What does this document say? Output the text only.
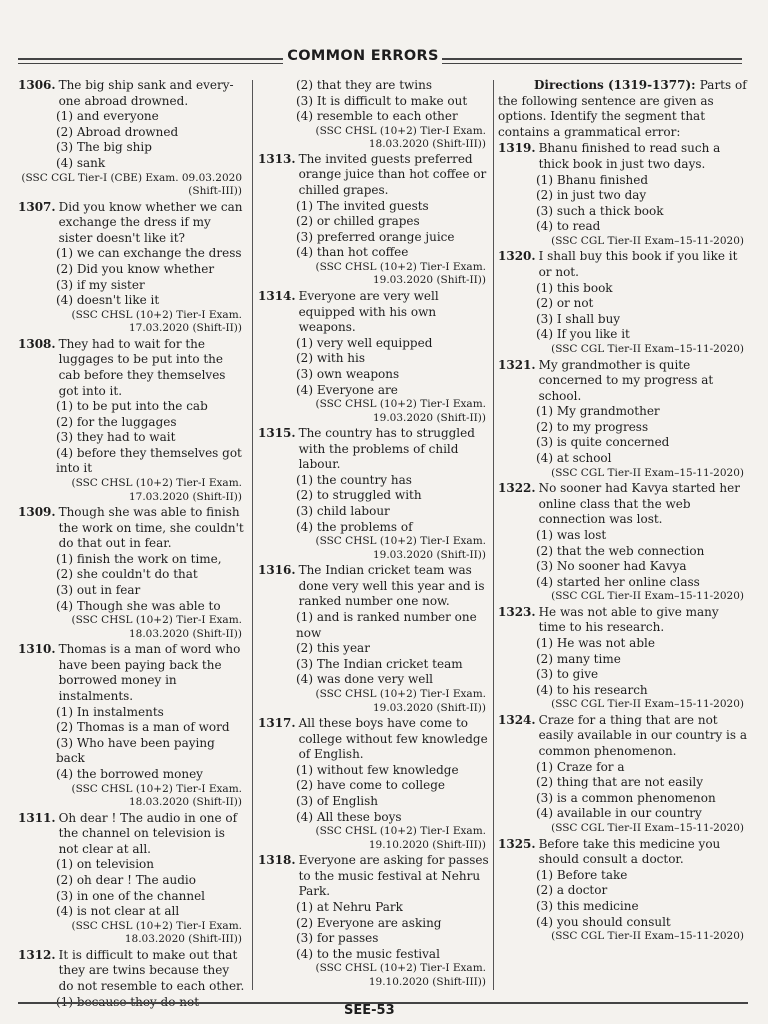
COMMON ERRORS
1306. The big ship sank and every-one abroad drowned.
(1) and everyone
(2) Abroad drowned
(3) The big ship
(4) sank
(SSC CGL Tier-I (CBE) Exam. 09.03.2020 (Shift-III))
1307. Did you know whether we can exchange the dress if my sister doesn't like it?
(1) we can exchange the dress
(2) Did you know whether
(3) if my sister
(4) doesn't like it
(SSC CHSL (10+2) Tier-I Exam. 17.03.2020 (Shift-II))
1308. They had to wait for the luggages to be put into the cab before they themselves got into it.
(1) to be put into the cab
(2) for the luggages
(3) they had to wait
(4) before they themselves got into it
(SSC CHSL (10+2) Tier-I Exam. 17.03.2020 (Shift-II))
1309. Though she was able to finish the work on time, she couldn't do that out in fear.
(1) finish the work on time,
(2) she couldn't do that
(3) out in fear
(4) Though she was able to
(SSC CHSL (10+2) Tier-I Exam. 18.03.2020 (Shift-II))
1310. Thomas is a man of word who have been paying back the borrowed money in instalments.
(1) In instalments
(2) Thomas is a man of word
(3) Who have been paying back
(4) the borrowed money
(SSC CHSL (10+2) Tier-I Exam. 18.03.2020 (Shift-II))
1311. Oh dear ! The audio in one of the channel on television is not clear at all.
(1) on television
(2) oh dear ! The audio
(3) in one of the channel
(4) is not clear at all
(SSC CHSL (10+2) Tier-I Exam. 18.03.2020 (Shift-III))
1312. It is difficult to make out that they are twins because they do not resemble to each other.
(2) that they are twins
(3) It is difficult to make out
(4) resemble to each other
(SSC CHSL (10+2) Tier-I Exam. 18.03.2020 (Shift-III))
1313. The invited guests preferred orange juice than hot coffee or chilled grapes.
(1) The invited guests
(2) or chilled grapes
(3) preferred orange juice
(4) than hot coffee
(SSC CHSL (10+2) Tier-I Exam. 19.03.2020 (Shift-II))
1314. Everyone are very well equipped with his own weapons.
(1) very well equipped
(2) with his
(3) own weapons
(4) Everyone are
(SSC CHSL (10+2) Tier-I Exam. 19.03.2020 (Shift-II))
1315. The country has to struggled with the problems of child labour.
(1) the country has
(2) to struggled with
(3) child labour
(4) the problems of
(SSC CHSL (10+2) Tier-I Exam. 19.03.2020 (Shift-II))
1316. The Indian cricket team was done very well this year and is ranked number one now.
(1) and is ranked number one now
(2) this year
(3) The Indian cricket team
(4) was done very well
(SSC CHSL (10+2) Tier-I Exam. 19.03.2020 (Shift-II))
1317. All these boys have come to college without few knowledge of English.
(1) without few knowledge
(2) have come to college
(3) of English
(4) All these boys
(SSC CHSL (10+2) Tier-I Exam. 19.10.2020 (Shift-III))
1318. Everyone are asking for passes to the music festival at Nehru Park.
(1) at Nehru Park
(2) Everyone are asking
(3) for passes
(4) to the music festival
(SSC CHSL (10+2) Tier-I Exam. 19.10.2020 (Shift-III))
Directions (1319-1377): Parts of the following sentence are given as options. Identify the segment that contains a grammatical error:
1319. Bhanu finished to read such a thick book in just two days.
(1) Bhanu finished
(2) in just two day
(3) such a thick book
(4) to read
(SSC CGL Tier-II Exam–15-11-2020)
1320. I shall buy this book if you like it or not.
(1) this book
(2) or not
(3) I shall buy
(4) If you like it
(SSC CGL Tier-II Exam–15-11-2020)
1321. My grandmother is quite concerned to my progress at school.
(1) My grandmother
(2) to my progress
(3) is quite concerned
(4) at school
(SSC CGL Tier-II Exam–15-11-2020)
1322. No sooner had Kavya started her online class that the web connection was lost.
(1) was lost
(2) that the web connection
(3) No sooner had Kavya
(4) started her online class
(SSC CGL Tier-II Exam–15-11-2020)
1323. He was not able to give many time to his research.
(1) He was not able
(2) many time
(3) to give
(4) to his research
(SSC CGL Tier-II Exam–15-11-2020)
1324. Craze for a thing that are not easily available in our country is a common phenomenon.
(1) Craze for a
(2) thing that are not easily
(3) is a common phenomenon
(4) available in our country
(SSC CGL Tier-II Exam–15-11-2020)
1325. Before take this medicine you should consult a doctor.
(1) Before take
(2) a doctor
(3) this medicine
(4) you should consult
(SSC CGL Tier-II Exam–15-11-2020)
SEE-53
